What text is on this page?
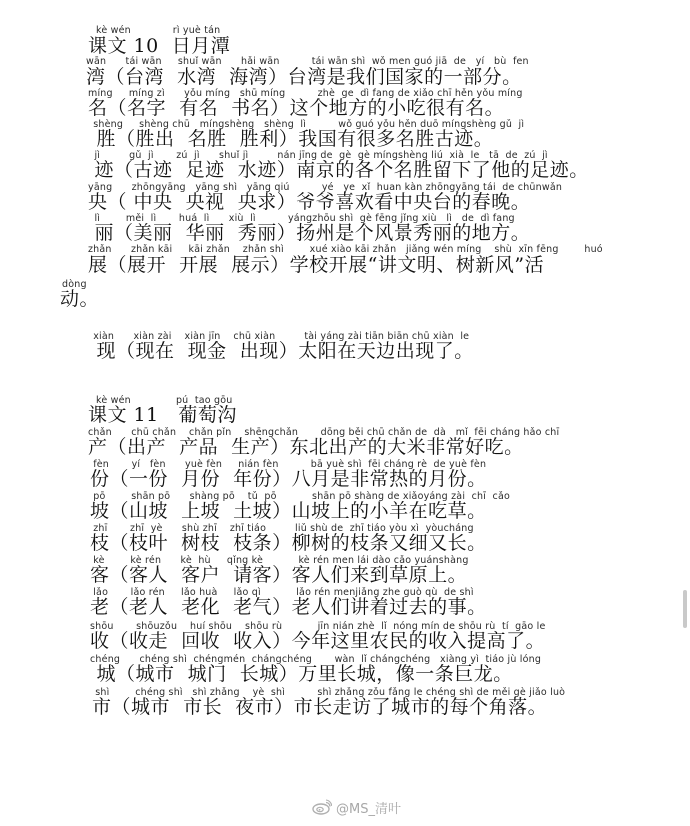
kè wén             rì yuè tán
课文 10  日月潭
wān      tái wān     shuǐ wān      hǎi wān          tái wān shì  wǒ men guó jiā  de   yí   bù  fen
湾（台湾  水湾  海湾）台湾是我们国家的一部分。
míng     míng zì      yǒu míng   shū míng          zhè  ge  dì fang de xiǎo chī hěn yǒu míng
名（名字  有名  书名）这个地方的小吃很有名。
shèng     shèng chū   míngshèng   shèng  lì          wǒ guó yǒu hěn duō míngshèng gǔ  jì
胜（胜出  名胜  胜利）我国有很多名胜古迹。
jì         gǔ  jì       zú  jì      shuǐ jì         nán jīng de  gè  gè míngshèng liú  xià  le   tā  de  zú  jì
迹（古迹  足迹  水迹）南京的各个名胜留下了他的足迹。
yāng      zhōngyāng   yāng shì   yāng qiú          yé   ye  xǐ  huan kàn zhōngyāng tái  de chūnwǎn
央（ 中央  央视  央求）爷爷喜欢看中央台的春晚。
lì        měi  lì       huá  lì      xiù  lì          yángzhōu shì  gè fēng jǐng xiù   lì   de  dì fang
丽（美丽  华丽  秀丽）扬州是个风景秀丽的地方。
zhǎn      zhǎn kāi     kāi zhǎn    zhǎn shì        xué xiào kāi zhǎn   jiǎng wén míng    shù  xīn fēng        huó
展（展开  开展  展示）学校开展“讲文明、树新风”活
dòng
动。
xiàn      xiàn zài    xiàn jīn    chū xiàn         tài yáng zài tiān biān chū xiàn  le
现（现在  现金  出现）太阳在天边出现了。
kè wén              pú  tao gōu
课文 11   葡萄沟
chǎn      chū chǎn    chǎn pǐn    shēngchǎn       dōng běi chū chǎn de  dà   mǐ  fēi cháng hǎo chī
产（出产  产品  生产）东北出产的大米非常好吃。
fèn       yí   fèn      yuè fèn     nián fèn          bā yuè shì  fēi cháng rè  de yuè fèn
份（一份  月份  年份）八月是非常热的月份。
pō        shān pō      shàng pō    tǔ  pō           shān pō shàng de xiǎoyáng zài  chī  cǎo
坡（山坡  上坡  土坡）山坡上的小羊在吃草。
zhī       zhī  yè      shù zhī    zhī tiáo         liǔ shù de  zhī tiáo yòu xì  yòucháng
枝（枝叶  树枝  枝条）柳树的枝条又细又长。
kè        kè rén      kè  hù     qǐng kè           kè rén men lái dào cǎo yuánshàng
客（客人  客户  请客）客人们来到草原上。
lǎo       lǎo rén     lǎo huà     lǎo qì           lǎo rén menjiǎng zhe guò qù  de shì
老（老人  老化  老气）老人们讲着过去的事。
shōu       shōuzǒu    huí shōu    shōu rù           jīn nián zhè  lǐ  nóng mín de shōu rù  tí  gāo le
收（收走  回收  收入）今年这里农民的收入提高了。
chéng      chéng shì  chéngmén  chángchéng       wàn  lǐ chángchéng   xiàng yì  tiáo jù lóng
城（城市  城门  长城）万里长城，像一条巨龙。
shì        chéng shì   shì zhǎng    yè  shì          shì zhǎng zǒu fǎng le chéng shì de měi gè jiǎo luò
市（城市  市长  夜市）市长走访了城市的每个角落。
@MS_清叶
